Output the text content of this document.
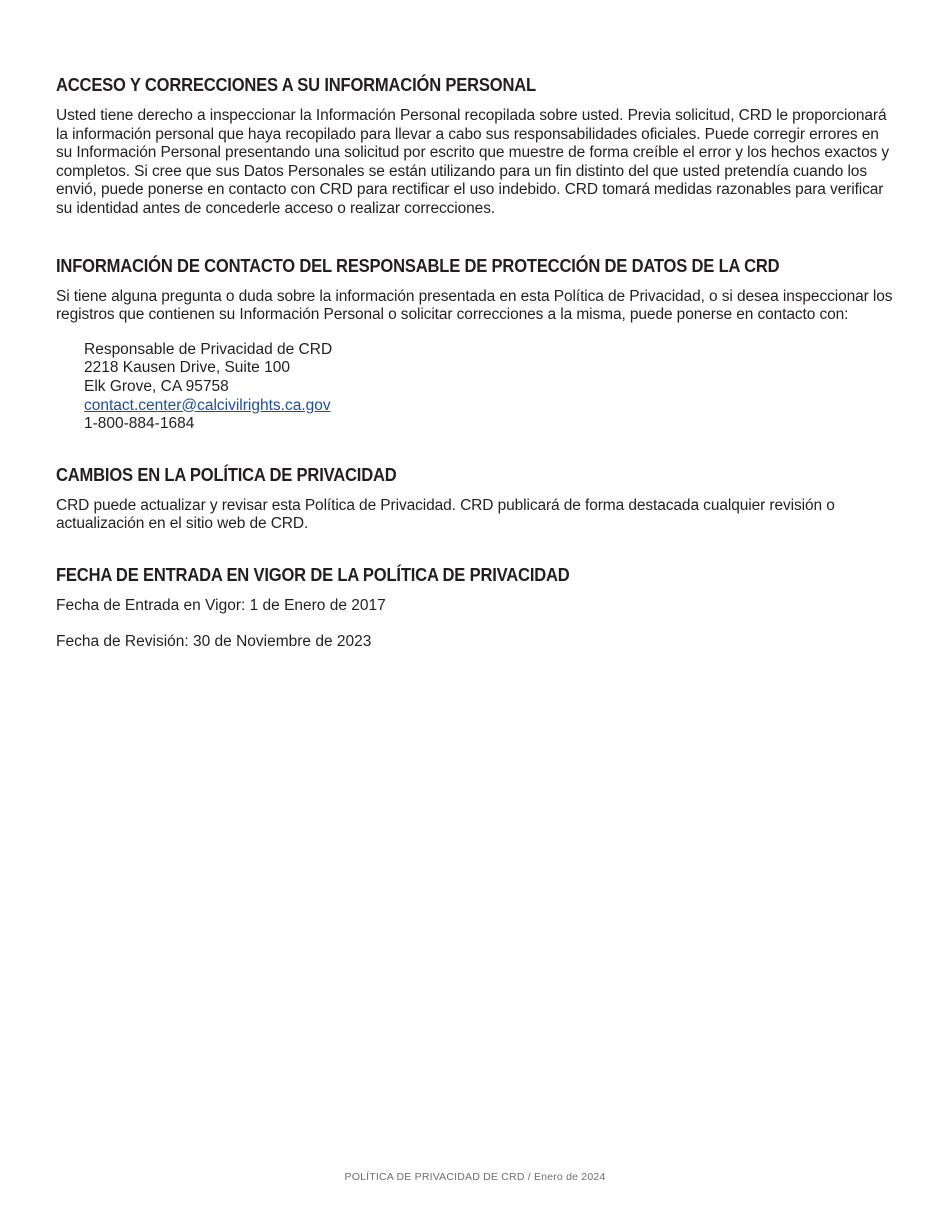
ACCESO Y CORRECCIONES A SU INFORMACIÓN PERSONAL

Usted tiene derecho a inspeccionar la Información Personal recopilada sobre usted. Previa solicitud, CRD le proporcionará la información personal que haya recopilado para llevar a cabo sus responsabilidades oficiales. Puede corregir errores en su Información Personal presentando una solicitud por escrito que muestre de forma creíble el error y los hechos exactos y completos. Si cree que sus Datos Personales se están utilizando para un fin distinto del que usted pretendía cuando los envió, puede ponerse en contacto con CRD para rectificar el uso indebido. CRD tomará medidas razonables para verificar su identidad antes de concederle acceso o realizar correcciones.

INFORMACIÓN DE CONTACTO DEL RESPONSABLE DE PROTECCIÓN DE DATOS DE LA CRD

Si tiene alguna pregunta o duda sobre la información presentada en esta Política de Privacidad, o si desea inspeccionar los registros que contienen su Información Personal o solicitar correcciones a la misma, puede ponerse en contacto con:

Responsable de Privacidad de CRD
2218 Kausen Drive, Suite 100
Elk Grove, CA 95758
contact.center@calcivilrights.ca.gov
1-800-884-1684
CAMBIOS EN LA POLÍTICA DE PRIVACIDAD

CRD puede actualizar y revisar esta Política de Privacidad. CRD publicará de forma destacada cualquier revisión o actualización en el sitio web de CRD.

FECHA DE ENTRADA EN VIGOR DE LA POLÍTICA DE PRIVACIDAD

Fecha de Entrada en Vigor: 1 de Enero de 2017

Fecha de Revisión: 30 de Noviembre de 2023

POLÍTICA DE PRIVACIDAD DE CRD / Enero de 2024
